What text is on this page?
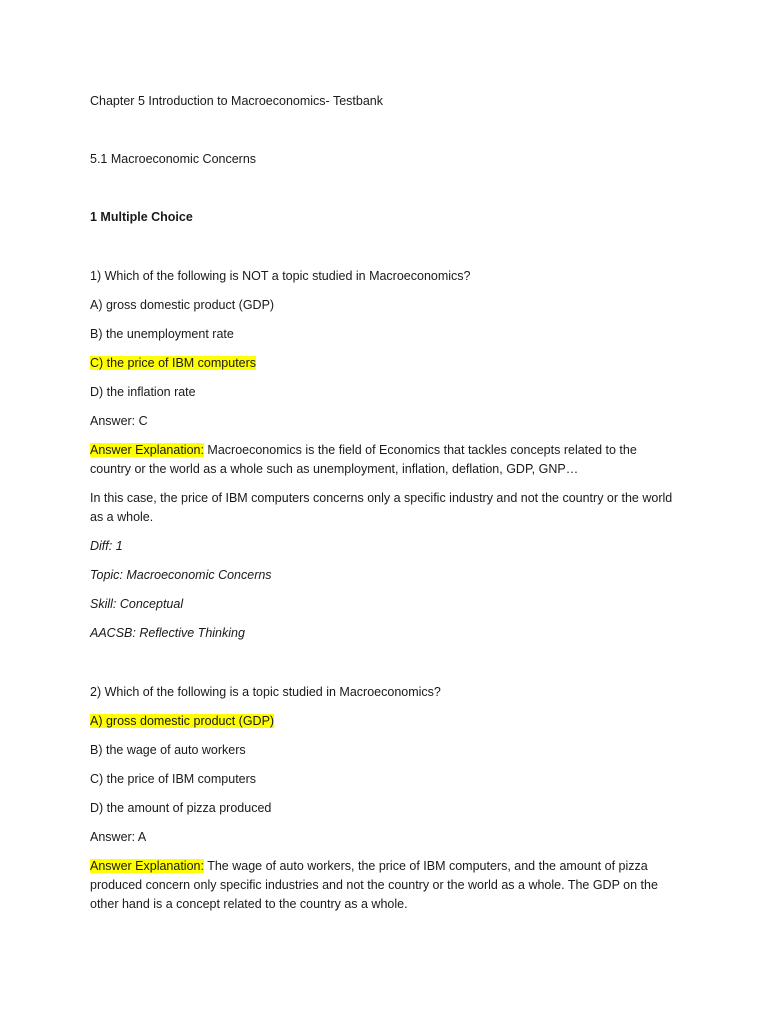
Chapter 5 Introduction to Macroeconomics- Testbank

5.1 Macroeconomic Concerns

1 Multiple Choice

1) Which of the following is NOT a topic studied in Macroeconomics?

A) gross domestic product (GDP)

B) the unemployment rate

C) the price of IBM computers

D) the inflation rate

Answer: C

Answer Explanation: Macroeconomics is the field of Economics that tackles concepts related to the country or the world as a whole such as unemployment, inflation, deflation, GDP, GNP…

In this case, the price of IBM computers concerns only a specific industry and not the country or the world as a whole.

Diff: 1

Topic: Macroeconomic Concerns

Skill: Conceptual

AACSB: Reflective Thinking

2) Which of the following is a topic studied in Macroeconomics?

A) gross domestic product (GDP)

B) the wage of auto workers

C) the price of IBM computers

D) the amount of pizza produced

Answer: A

Answer Explanation: The wage of auto workers, the price of IBM computers, and the amount of pizza produced concern only specific industries and not the country or the world as a whole. The GDP on the other hand is a concept related to the country as a whole.
